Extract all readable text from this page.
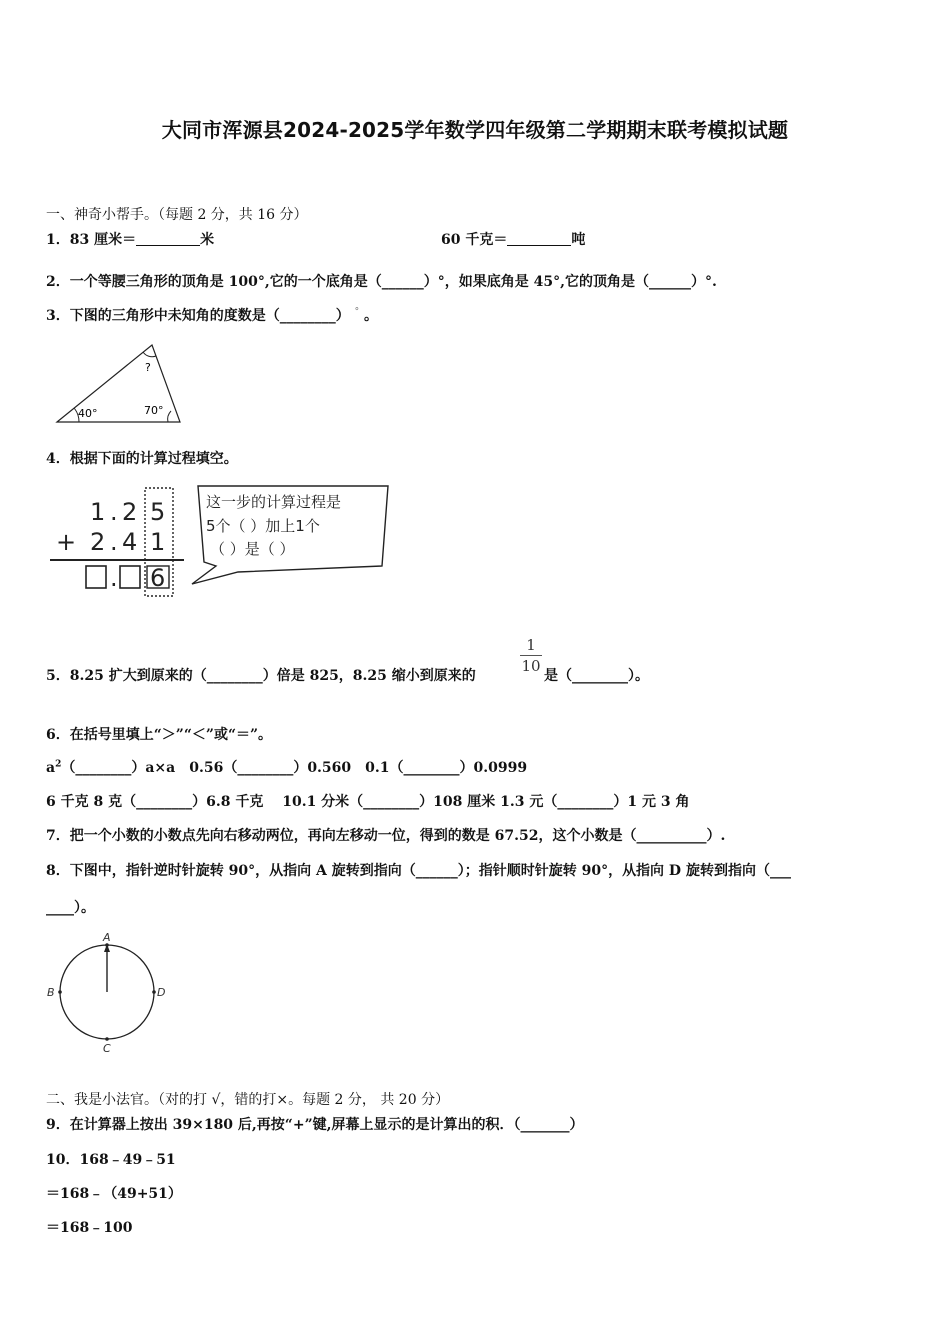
大同市浑源县2024-2025学年数学四年级第二学期期末联考模拟试题
一、神奇小帮手。（每题 2 分，共 16 分）
1．83 厘米＝	米	60 千克＝	吨
2．一个等腰三角形的顶角是 100°,它的一个底角是（______）°，如果底角是 45°,它的顶角是（______）°.
3．下图的三角形中未知角的度数是（________） ° 。
40°	70°
?
4．根据下面的计算过程填空。
1 . 2 5
+ 2 . 4 1
. 6
这一步的计算过程是
5个（ ）加上1个
（ ）是（ ）
5．8.25 扩大到原来的（________）倍是 825，8.25 缩小到原来的
1
10
是（________）。
6．在括号里填上“＞”“＜”或“＝”。
$a^2(\_\_\_\_\_\_\_\_)a\times a$　0.56（________）0.560　0.1（________）0.0999
6 千克 8 克（________）6.8 千克　 10.1 分米（________）108 厘米 1.3 元（________）1 元 3 角
7．把一个小数的小数点先向右移动两位，再向左移动一位，得到的数是 67.52，这个小数是（__________）.
8．下图中，指针逆时针旋转 90°，从指向 A 旋转到指向（______）；指针顺时针旋转 90°，从指向 D 旋转到指向（___
____）。
A
B	D
C
二、我是小法官。（对的打 √，错的打×。每题 2 分， 共 20 分）
9．在计算器上按出 39×180 后,再按“+”键,屏幕上显示的是计算出的积．（_______）
10．168﹣49﹣51
＝168﹣（49+51）
＝168﹣100
